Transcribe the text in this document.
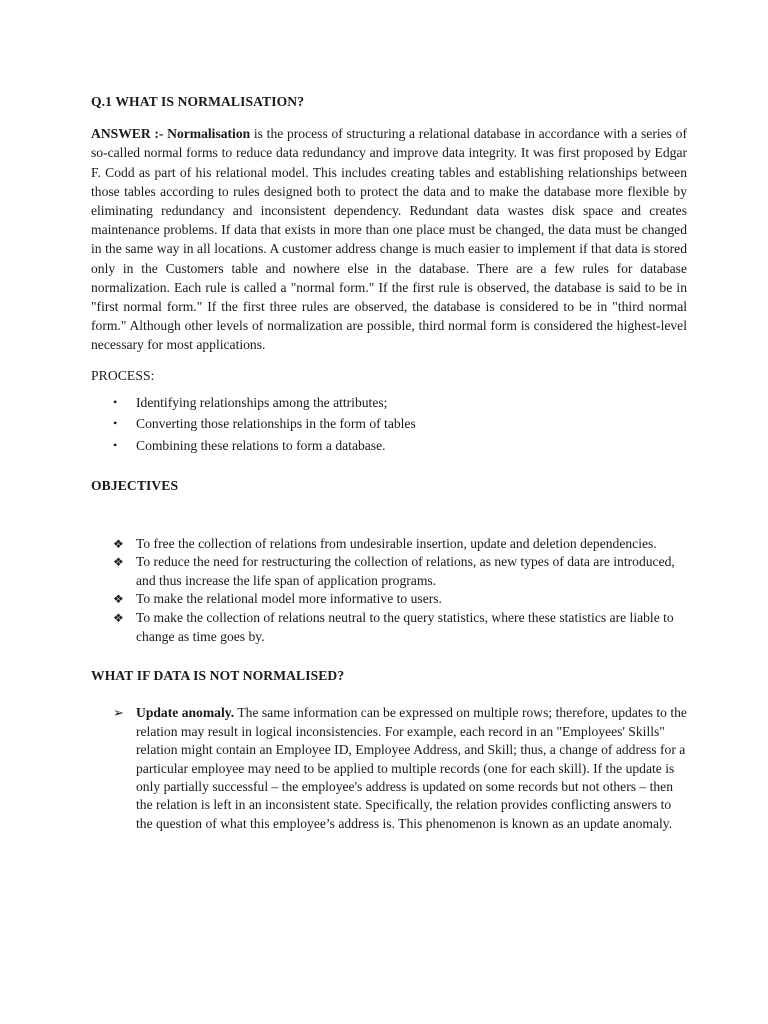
Q.1 WHAT IS NORMALISATION?

ANSWER :- Normalisation is the process of structuring a relational database in accordance with a series of so-called normal forms to reduce data redundancy and improve data integrity. It was first proposed by Edgar F. Codd as part of his relational model. This includes creating tables and establishing relationships between those tables according to rules designed both to protect the data and to make the database more flexible by eliminating redundancy and inconsistent dependency. Redundant data wastes disk space and creates maintenance problems. If data that exists in more than one place must be changed, the data must be changed in the same way in all locations. A customer address change is much easier to implement if that data is stored only in the Customers table and nowhere else in the database. There are a few rules for database normalization. Each rule is called a "normal form." If the first rule is observed, the database is said to be in "first normal form." If the first three rules are observed, the database is considered to be in "third normal form." Although other levels of normalization are possible, third normal form is considered the highest-level necessary for most applications.

PROCESS:

• Identifying relationships among the attributes;
• Converting those relationships in the form of tables
• Combining these relations to form a database.

OBJECTIVES

❖ To free the collection of relations from undesirable insertion, update and deletion dependencies.
❖ To reduce the need for restructuring the collection of relations, as new types of data are introduced, and thus increase the life span of application programs.
❖ To make the relational model more informative to users.
❖ To make the collection of relations neutral to the query statistics, where these statistics are liable to change as time goes by.

WHAT IF DATA IS NOT NORMALISED?

➢ Update anomaly. The same information can be expressed on multiple rows; therefore, updates to the relation may result in logical inconsistencies. For example, each record in an "Employees' Skills" relation might contain an Employee ID, Employee Address, and Skill; thus, a change of address for a particular employee may need to be applied to multiple records (one for each skill). If the update is only partially successful – the employee's address is updated on some records but not others – then the relation is left in an inconsistent state. Specifically, the relation provides conflicting answers to the question of what this employee’s address is. This phenomenon is known as an update anomaly.
